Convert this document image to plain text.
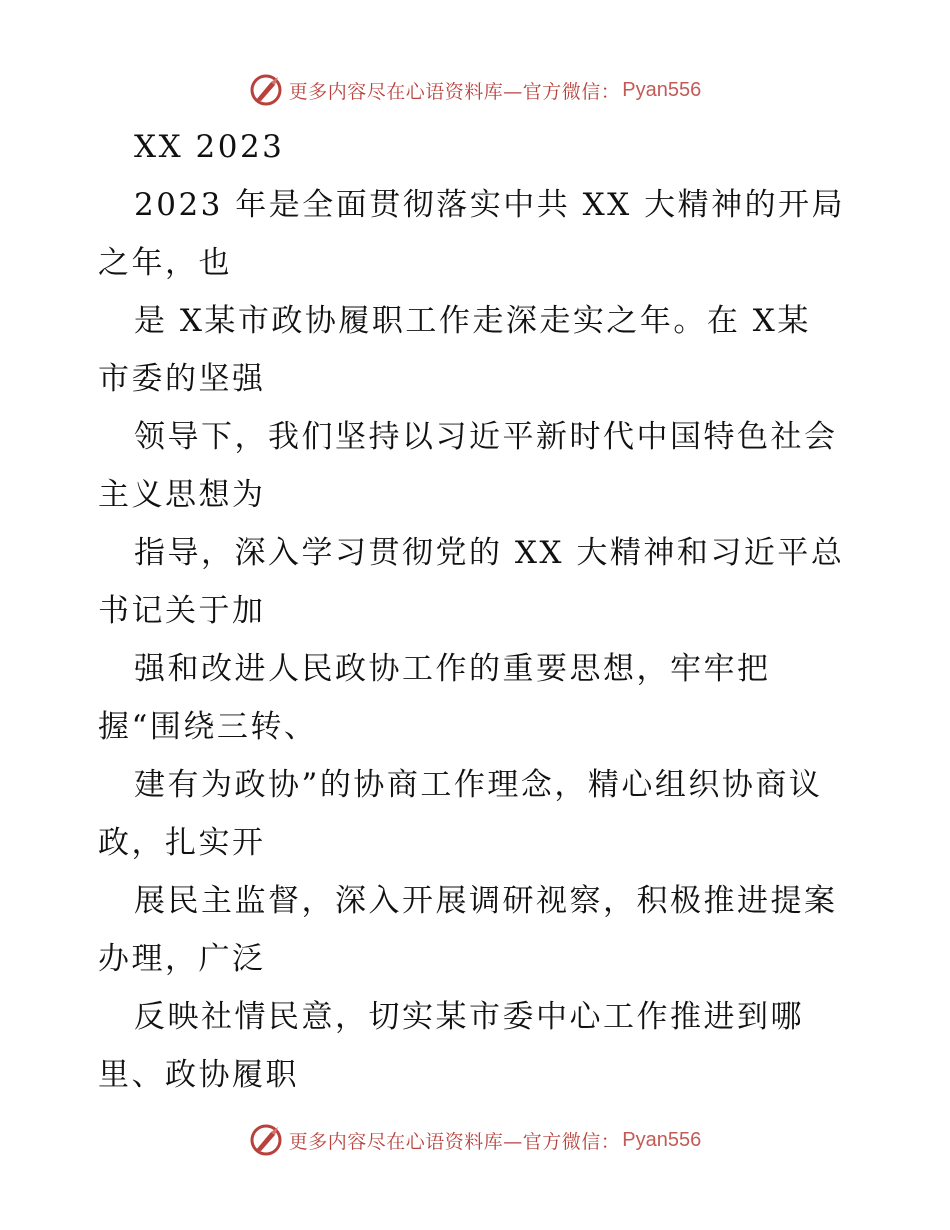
更多内容尽在心语资料库—官方微信： Pyan556
XX 2023
2023 年是全面贯彻落实中共 XX 大精神的开局
之年，也
是 X某市政协履职工作走深走实之年。在 X某
市委的坚强
领导下，我们坚持以习近平新时代中国特色社会
主义思想为
指导，深入学习贯彻党的 XX 大精神和习近平总
书记关于加
强和改进人民政协工作的重要思想，牢牢把
握“围绕三转、
建有为政协”的协商工作理念，精心组织协商议
政，扎实开
展民主监督，深入开展调研视察，积极推进提案
办理，广泛
反映社情民意，切实某市委中心工作推进到哪
里、政协履职
更多内容尽在心语资料库—官方微信： Pyan556
